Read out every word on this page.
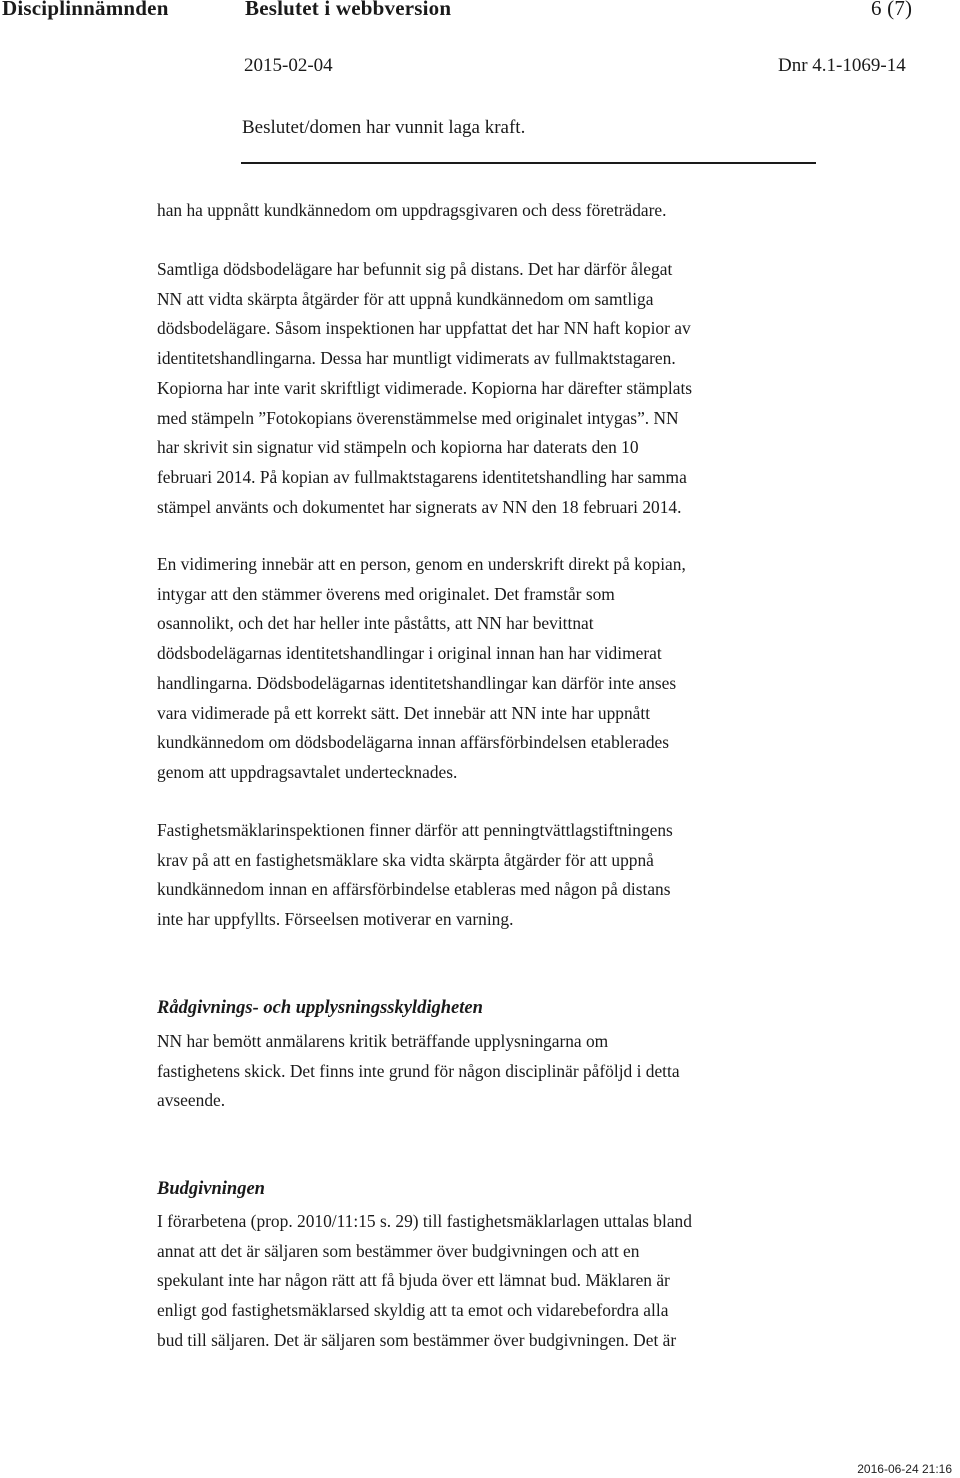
Disciplinnämnden	Beslutet i webbversion	6 (7)
2015-02-04	Dnr 4.1-1069-14
Beslutet/domen har vunnit laga kraft.
han ha uppnått kundkännedom om uppdragsgivaren och dess företrädare.
Samtliga dödsbodelägare har befunnit sig på distans. Det har därför ålegat
NN att vidta skärpta åtgärder för att uppnå kundkännedom om samtliga
dödsbodelägare. Såsom inspektionen har uppfattat det har NN haft kopior av
identitetshandlingarna. Dessa har muntligt vidimerats av fullmaktstagaren.
Kopiorna har inte varit skriftligt vidimerade. Kopiorna har därefter stämplats
med stämpeln ”Fotokopians överenstämmelse med originalet intygas”. NN
har skrivit sin signatur vid stämpeln och kopiorna har daterats den 10
februari 2014. På kopian av fullmaktstagarens identitetshandling har samma
stämpel använts och dokumentet har signerats av NN den 18 februari 2014.
En vidimering innebär att en person, genom en underskrift direkt på kopian,
intygar att den stämmer överens med originalet. Det framstår som
osannolikt, och det har heller inte påståtts, att NN har bevittnat
dödsbodelägarnas identitetshandlingar i original innan han har vidimerat
handlingarna. Dödsbodelägarnas identitetshandlingar kan därför inte anses
vara vidimerade på ett korrekt sätt. Det innebär att NN inte har uppnått
kundkännedom om dödsbodelägarna innan affärsförbindelsen etablerades
genom att uppdragsavtalet undertecknades.
Fastighetsmäklarinspektionen finner därför att penningtvättlagstiftningens
krav på att en fastighetsmäklare ska vidta skärpta åtgärder för att uppnå
kundkännedom innan en affärsförbindelse etableras med någon på distans
inte har uppfyllts. Förseelsen motiverar en varning.
Rådgivnings- och upplysningsskyldigheten
NN har bemött anmälarens kritik beträffande upplysningarna om
fastighetens skick. Det finns inte grund för någon disciplinär påföljd i detta
avseende.
Budgivningen
I förarbetena (prop. 2010/11:15 s. 29) till fastighetsmäklarlagen uttalas bland
annat att det är säljaren som bestämmer över budgivningen och att en
spekulant inte har någon rätt att få bjuda över ett lämnat bud. Mäklaren är
enligt god fastighetsmäklarsed skyldig att ta emot och vidarebefordra alla
bud till säljaren. Det är säljaren som bestämmer över budgivningen. Det är
2016-06-24 21:16
